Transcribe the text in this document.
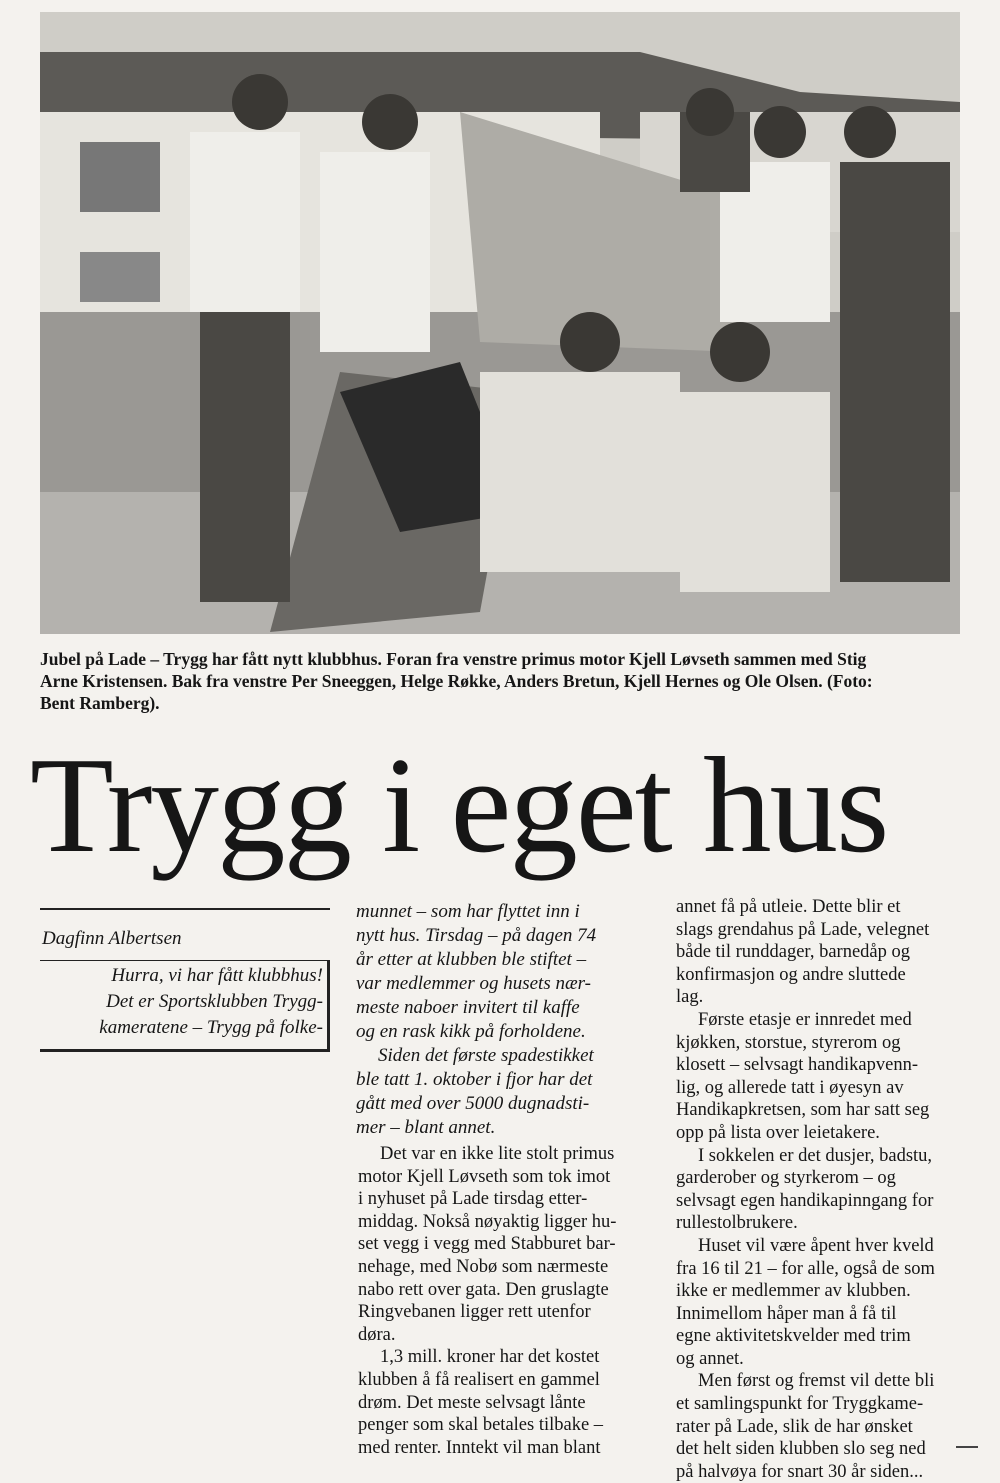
Jubel på Lade – Trygg har fått nytt klubbhus. Foran fra venstre primus motor Kjell Løvseth sammen med Stig
Arne Kristensen. Bak fra venstre Per Sneeggen, Helge Røkke, Anders Bretun, Kjell Hernes og Ole Olsen. (Foto:
Bent Ramberg).
Trygg i eget hus
Dagfinn Albertsen
Hurra, vi har fått klubbhus!
Det er Sportsklubben Trygg-
kameratene – Trygg på folke-
munnet – som har flyttet inn i
nytt hus. Tirsdag – på dagen 74
år etter at klubben ble stiftet –
var medlemmer og husets nær-
meste naboer invitert til kaffe
og en rask kikk på forholdene.
Siden det første spadestikket
ble tatt 1. oktober i fjor har det
gått med over 5000 dugnadsti-
mer – blant annet.
Det var en ikke lite stolt primus
motor Kjell Løvseth som tok imot
i nyhuset på Lade tirsdag etter-
middag. Nokså nøyaktig ligger hu-
set vegg i vegg med Stabburet bar-
nehage, med Nobø som nærmeste
nabo rett over gata. Den gruslagte
Ringvebanen ligger rett utenfor
døra.
1,3 mill. kroner har det kostet
klubben å få realisert en gammel
drøm. Det meste selvsagt lånte
penger som skal betales tilbake –
med renter. Inntekt vil man blant
annet få på utleie. Dette blir et
slags grendahus på Lade, velegnet
både til runddager, barnedåp og
konfirmasjon og andre sluttede
lag.
Første etasje er innredet med
kjøkken, storstue, styrerom og
klosett – selvsagt handikapvenn-
lig, og allerede tatt i øyesyn av
Handikapkretsen, som har satt seg
opp på lista over leietakere.
I sokkelen er det dusjer, badstu,
garderober og styrkerom – og
selvsagt egen handikapinngang for
rullestolbrukere.
Huset vil være åpent hver kveld
fra 16 til 21 – for alle, også de som
ikke er medlemmer av klubben.
Innimellom håper man å få til
egne aktivitetskvelder med trim
og annet.
Men først og fremst vil dette bli
et samlingspunkt for Tryggkame-
rater på Lade, slik de har ønsket
det helt siden klubben slo seg ned
på halvøya for snart 30 år siden...
